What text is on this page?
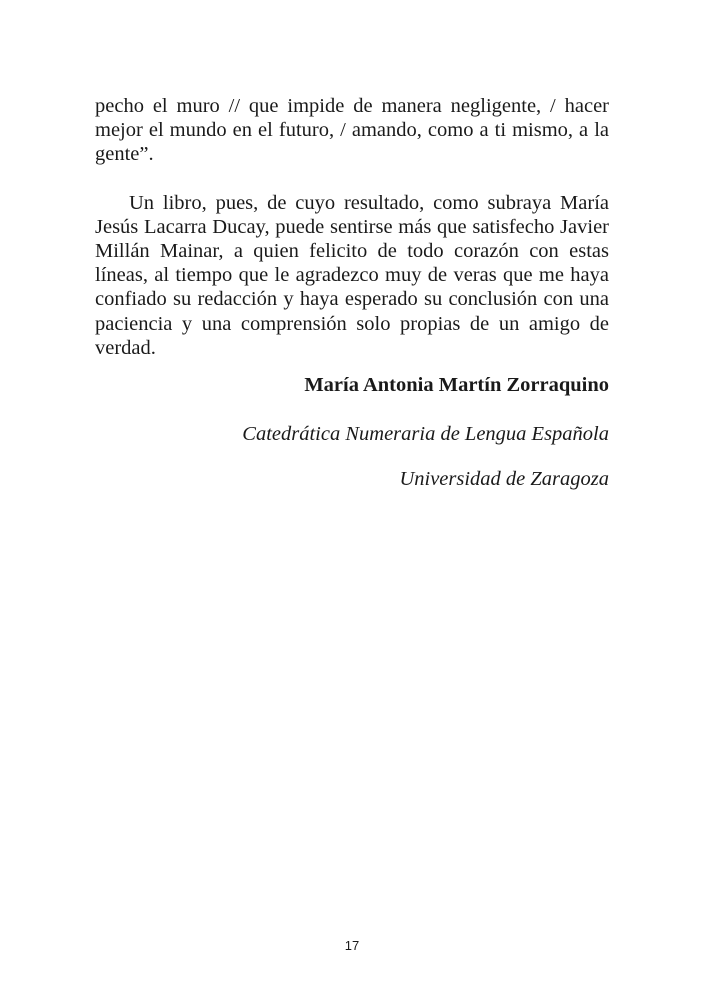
pecho el muro // que impide de manera negligente, / hacer mejor el mundo en el futuro, / amando, como a ti mismo, a la gente”.

Un libro, pues, de cuyo resultado, como subraya María Jesús Lacarra Ducay, puede sentirse más que satisfecho Javier Millán Mainar, a quien felicito de todo corazón con estas líneas, al tiempo que le agradezco muy de veras que me haya confiado su redacción y haya esperado su conclusión con una paciencia y una comprensión solo propias de un amigo de verdad.

María Antonia Martín Zorraquino
Catedrática Numeraria de Lengua Española
Universidad de Zaragoza
17
